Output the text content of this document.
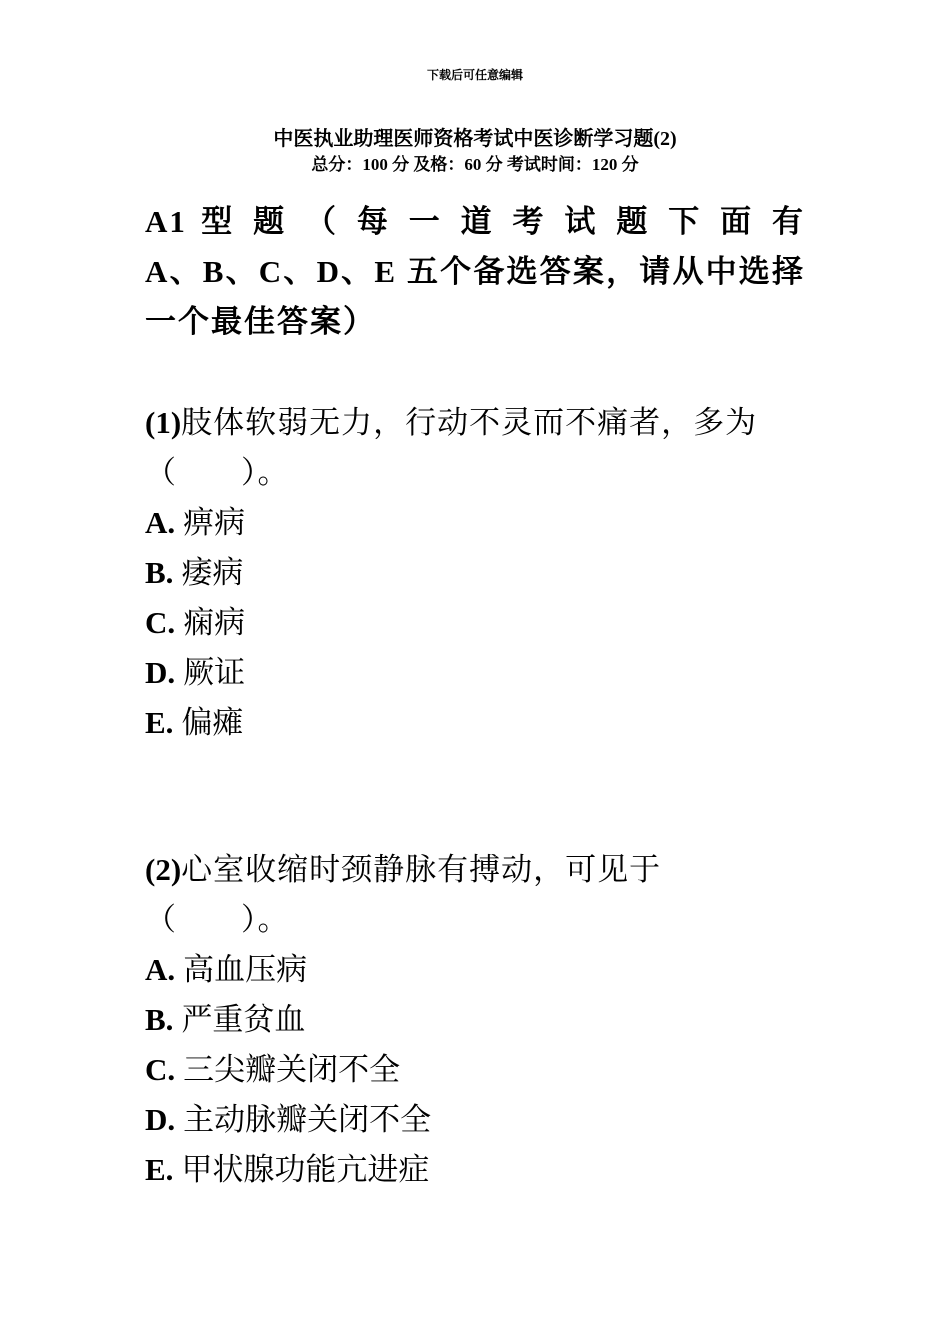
下载后可任意编辑
中医执业助理医师资格考试中医诊断学习题(2)
总分：100 分 及格：60 分 考试时间：120 分
A1 型 题 （ 每 一 道 考 试 题 下 面 有
A、B、C、D、E 五个备选答案，请从中选择一个最佳答案）
(1)肢体软弱无力，行动不灵而不痛者，多为（　　）。
A. 痹病
B. 痿病
C. 痫病
D. 厥证
E. 偏瘫
(2)心室收缩时颈静脉有搏动，可见于（　　）。
A. 高血压病
B. 严重贫血
C. 三尖瓣关闭不全
D. 主动脉瓣关闭不全
E. 甲状腺功能亢进症
